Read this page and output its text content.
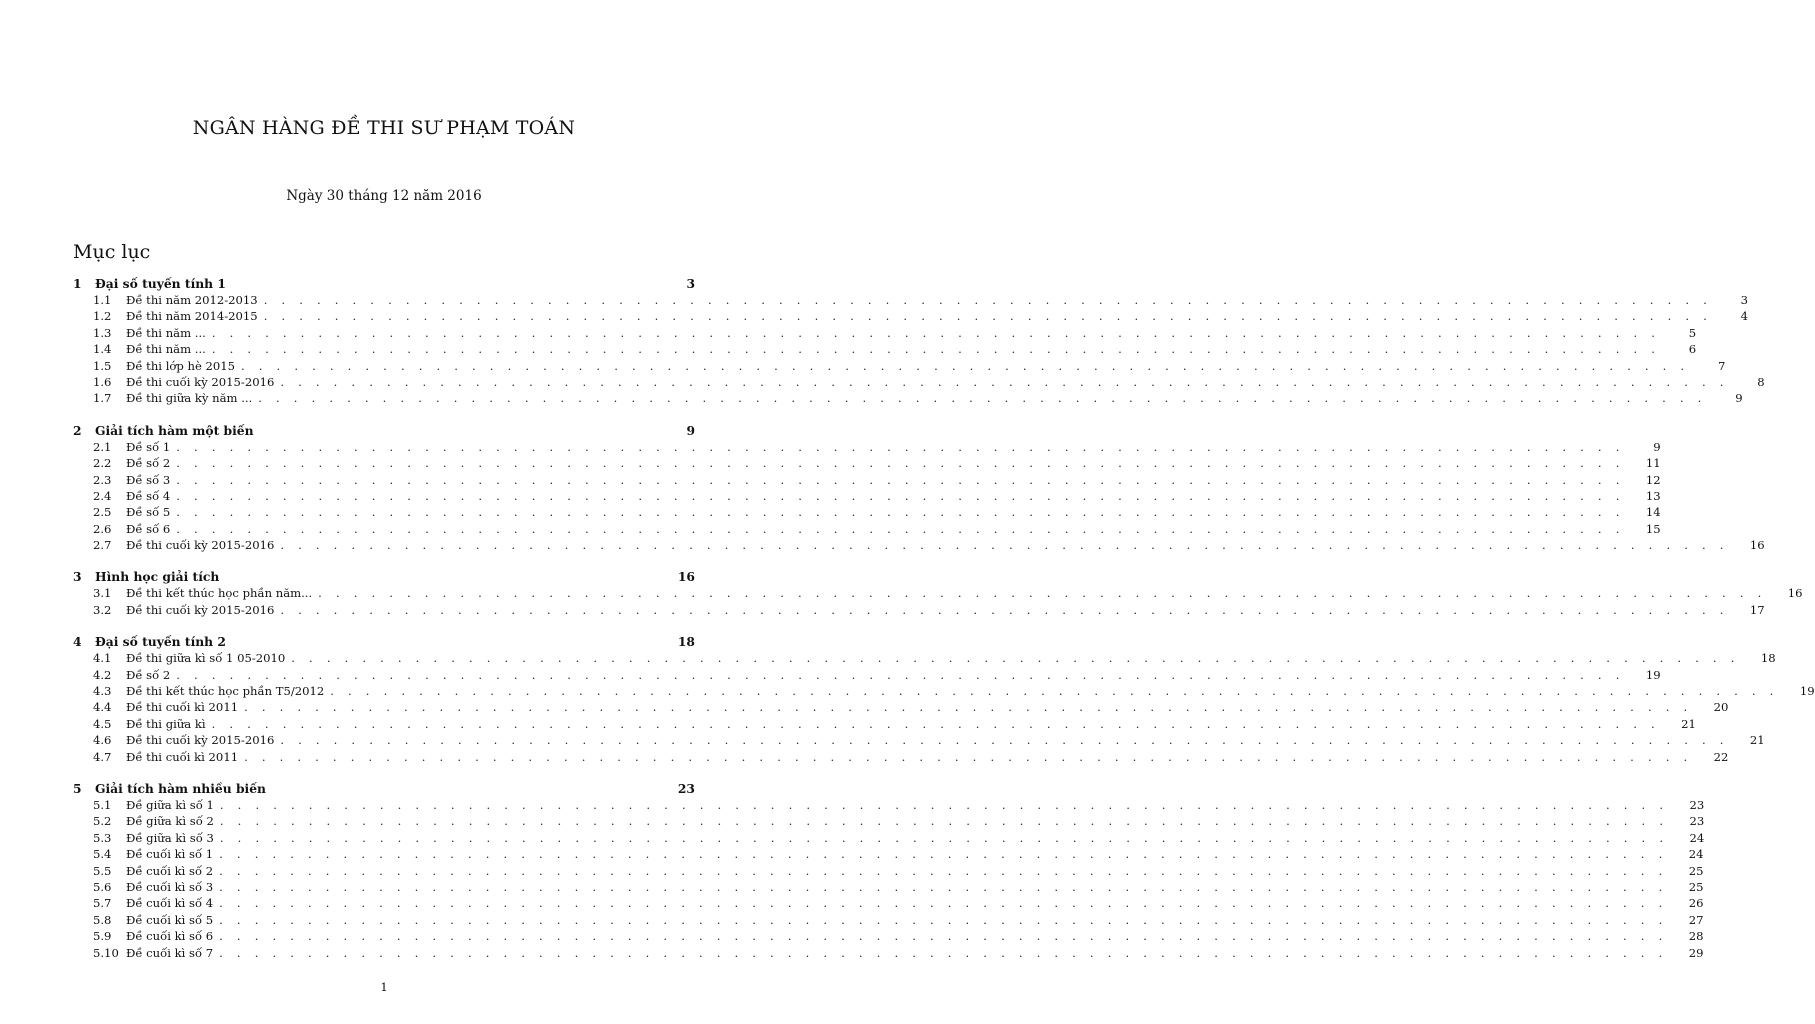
NGÂN HÀNG ĐỀ THI SƯ PHẠM TOÁN
Ngày 30 tháng 12 năm 2016
Mục lục
1	Đại số tuyến tính 1	3
1.1	Đề thi năm 2012-2013 . . . . . . . . . . . . . . . . . . . . . . . . . . . . . . . . . . . . . . . . . . . . . . . . . . . . . . . . . . . . . . . . . . . . . . . . . . . . . . . . . .	3
1.2	Đề thi năm 2014-2015 . . . . . . . . . . . . . . . . . . . . . . . . . . . . . . . . . . . . . . . . . . . . . . . . . . . . . . . . . . . . . . . . . . . . . . . . . . . . . . . . . .	4
1.3	Đề thi năm ... . . . . . . . . . . . . . . . . . . . . . . . . . . . . . . . . . . . . . . . . . . . . . . . . . . . . . . . . . . . . . . . . . . . . . . . . . . . . . . . . . .	5
1.4	Đề thi năm ... . . . . . . . . . . . . . . . . . . . . . . . . . . . . . . . . . . . . . . . . . . . . . . . . . . . . . . . . . . . . . . . . . . . . . . . . . . . . . . . . . .	6
1.5	Đề thi lớp hè 2015 . . . . . . . . . . . . . . . . . . . . . . . . . . . . . . . . . . . . . . . . . . . . . . . . . . . . . . . . . . . . . . . . . . . . . . . . . . . . . . . . . .	7
1.6	Đề thi cuối kỳ 2015-2016 . . . . . . . . . . . . . . . . . . . . . . . . . . . . . . . . . . . . . . . . . . . . . . . . . . . . . . . . . . . . . . . . . . . . . . . . . . . . . . . . . .	8
1.7	Đề thi giữa kỳ năm ... . . . . . . . . . . . . . . . . . . . . . . . . . . . . . . . . . . . . . . . . . . . . . . . . . . . . . . . . . . . . . . . . . . . . . . . . . . . . . . . . . .	9
2	Giải tích hàm một biến	9
2.1	Đề số 1 . . . . . . . . . . . . . . . . . . . . . . . . . . . . . . . . . . . . . . . . . . . . . . . . . . . . . . . . . . . . . . . . . . . . . . . . . . . . . . . . . .	9
2.2	Đề số 2 . . . . . . . . . . . . . . . . . . . . . . . . . . . . . . . . . . . . . . . . . . . . . . . . . . . . . . . . . . . . . . . . . . . . . . . . . . . . . . . . . .	11
2.3	Đề số 3 . . . . . . . . . . . . . . . . . . . . . . . . . . . . . . . . . . . . . . . . . . . . . . . . . . . . . . . . . . . . . . . . . . . . . . . . . . . . . . . . . .	12
2.4	Đề số 4 . . . . . . . . . . . . . . . . . . . . . . . . . . . . . . . . . . . . . . . . . . . . . . . . . . . . . . . . . . . . . . . . . . . . . . . . . . . . . . . . . .	13
2.5	Đề số 5 . . . . . . . . . . . . . . . . . . . . . . . . . . . . . . . . . . . . . . . . . . . . . . . . . . . . . . . . . . . . . . . . . . . . . . . . . . . . . . . . . .	14
2.6	Đề số 6 . . . . . . . . . . . . . . . . . . . . . . . . . . . . . . . . . . . . . . . . . . . . . . . . . . . . . . . . . . . . . . . . . . . . . . . . . . . . . . . . . .	15
2.7	Đề thi cuối kỳ 2015-2016 . . . . . . . . . . . . . . . . . . . . . . . . . . . . . . . . . . . . . . . . . . . . . . . . . . . . . . . . . . . . . . . . . . . . . . . . . . . . . . . . . .	16
3	Hình học giải tích	16
3.1	Đề thi kết thúc học phần năm... . . . . . . . . . . . . . . . . . . . . . . . . . . . . . . . . . . . . . . . . . . . . . . . . . . . . . . . . . . . . . . . . . . . . . . . . . . . . . . . . . .	16
3.2	Đề thi cuối kỳ 2015-2016 . . . . . . . . . . . . . . . . . . . . . . . . . . . . . . . . . . . . . . . . . . . . . . . . . . . . . . . . . . . . . . . . . . . . . . . . . . . . . . . . . .	17
4	Đại số tuyến tính 2	18
4.1	Đề thi giữa kì số 1 05-2010 . . . . . . . . . . . . . . . . . . . . . . . . . . . . . . . . . . . . . . . . . . . . . . . . . . . . . . . . . . . . . . . . . . . . . . . . . . . . . . . . . .	18
4.2	Đề số 2 . . . . . . . . . . . . . . . . . . . . . . . . . . . . . . . . . . . . . . . . . . . . . . . . . . . . . . . . . . . . . . . . . . . . . . . . . . . . . . . . . .	19
4.3	Đề thi kết thúc học phần T5/2012 . . . . . . . . . . . . . . . . . . . . . . . . . . . . . . . . . . . . . . . . . . . . . . . . . . . . . . . . . . . . . . . . . . . . . . . . . . . . . . . . . .	19
4.4	Đề thi cuối kì 2011 . . . . . . . . . . . . . . . . . . . . . . . . . . . . . . . . . . . . . . . . . . . . . . . . . . . . . . . . . . . . . . . . . . . . . . . . . . . . . . . . . .	20
4.5	Đề thi giữa kì . . . . . . . . . . . . . . . . . . . . . . . . . . . . . . . . . . . . . . . . . . . . . . . . . . . . . . . . . . . . . . . . . . . . . . . . . . . . . . . . . .	21
4.6	Đề thi cuối kỳ 2015-2016 . . . . . . . . . . . . . . . . . . . . . . . . . . . . . . . . . . . . . . . . . . . . . . . . . . . . . . . . . . . . . . . . . . . . . . . . . . . . . . . . . .	21
4.7	Đề thi cuối kì 2011 . . . . . . . . . . . . . . . . . . . . . . . . . . . . . . . . . . . . . . . . . . . . . . . . . . . . . . . . . . . . . . . . . . . . . . . . . . . . . . . . . .	22
5	Giải tích hàm nhiều biến	23
5.1	Đề giữa kì số 1 . . . . . . . . . . . . . . . . . . . . . . . . . . . . . . . . . . . . . . . . . . . . . . . . . . . . . . . . . . . . . . . . . . . . . . . . . . . . . . . . . .	23
5.2	Đề giữa kì số 2 . . . . . . . . . . . . . . . . . . . . . . . . . . . . . . . . . . . . . . . . . . . . . . . . . . . . . . . . . . . . . . . . . . . . . . . . . . . . . . . . . .	23
5.3	Đề giữa kì số 3 . . . . . . . . . . . . . . . . . . . . . . . . . . . . . . . . . . . . . . . . . . . . . . . . . . . . . . . . . . . . . . . . . . . . . . . . . . . . . . . . . .	24
5.4	Đề cuối kì số 1 . . . . . . . . . . . . . . . . . . . . . . . . . . . . . . . . . . . . . . . . . . . . . . . . . . . . . . . . . . . . . . . . . . . . . . . . . . . . . . . . . .	24
5.5	Đề cuối kì số 2 . . . . . . . . . . . . . . . . . . . . . . . . . . . . . . . . . . . . . . . . . . . . . . . . . . . . . . . . . . . . . . . . . . . . . . . . . . . . . . . . . .	25
5.6	Đề cuối kì số 3 . . . . . . . . . . . . . . . . . . . . . . . . . . . . . . . . . . . . . . . . . . . . . . . . . . . . . . . . . . . . . . . . . . . . . . . . . . . . . . . . . .	25
5.7	Đề cuối kì số 4 . . . . . . . . . . . . . . . . . . . . . . . . . . . . . . . . . . . . . . . . . . . . . . . . . . . . . . . . . . . . . . . . . . . . . . . . . . . . . . . . . .	26
5.8	Đề cuối kì số 5 . . . . . . . . . . . . . . . . . . . . . . . . . . . . . . . . . . . . . . . . . . . . . . . . . . . . . . . . . . . . . . . . . . . . . . . . . . . . . . . . . .	27
5.9	Đề cuối kì số 6 . . . . . . . . . . . . . . . . . . . . . . . . . . . . . . . . . . . . . . . . . . . . . . . . . . . . . . . . . . . . . . . . . . . . . . . . . . . . . . . . . .	28
5.10 Đề cuối kì số 7 . . . . . . . . . . . . . . . . . . . . . . . . . . . . . . . . . . . . . . . . . . . . . . . . . . . . . . . . . . . . . . . . . . . . . . . . . . . . . . . . . .	29
1
